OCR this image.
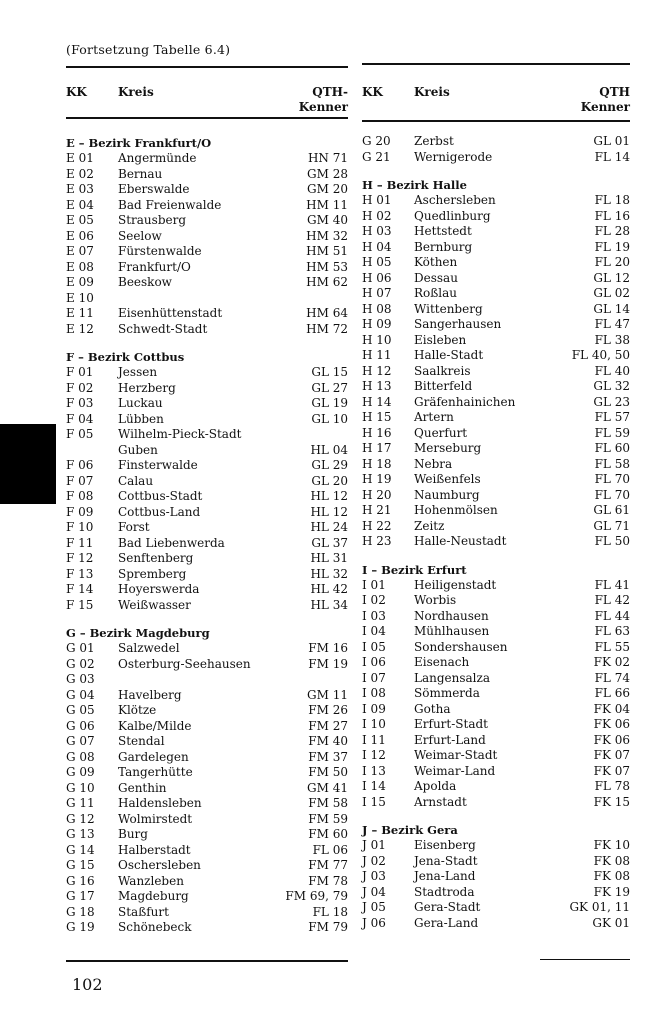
(Fortsetzung Tabelle 6.4)
KK	Kreis	QTH-
Kenner
E – Bezirk Frankfurt/O
E 01 Angermünde	HN 71
E 02 Bernau	GM 28
E 03 Eberswalde	GM 20
E 04 Bad Freienwalde	HM 11
E 05 Strausberg	GM 40
E 06 Seelow	HM 32
E 07 Fürstenwalde	HM 51
E 08 Frankfurt/O	HM 53
E 09 Beeskow	HM 62
E 10
E 11 Eisenhüttenstadt	HM 64
E 12 Schwedt-Stadt	HM 72
F – Bezirk Cottbus
F 01 Jessen	GL 15
F 02 Herzberg	GL 27
F 03 Luckau	GL 19
F 04 Lübben	GL 10
F 05 Wilhelm-Pieck-Stadt
Guben	HL 04
F 06 Finsterwalde	GL 29
F 07 Calau	GL 20
F 08 Cottbus-Stadt	HL 12
F 09 Cottbus-Land	HL 12
F 10 Forst	HL 24
F 11 Bad Liebenwerda	GL 37
F 12 Senftenberg	HL 31
F 13 Spremberg	HL 32
F 14 Hoyerswerda	HL 42
F 15 Weißwasser	HL 34
G – Bezirk Magdeburg
G 01 Salzwedel	FM 16
G 02 Osterburg-Seehausen	FM 19
G 03
G 04 Havelberg	GM 11
G 05 Klötze	FM 26
G 06 Kalbe/Milde	FM 27
G 07 Stendal	FM 40
G 08 Gardelegen	FM 37
G 09 Tangerhütte	FM 50
G 10 Genthin	GM 41
G 11 Haldensleben	FM 58
G 12 Wolmirstedt	FM 59
G 13 Burg	FM 60
G 14 Halberstadt	FL 06
G 15 Oschersleben	FM 77
G 16 Wanzleben	FM 78
G 17 Magdeburg	FM 69, 79
G 18 Staßfurt	FL 18
G 19 Schönebeck	FM 79
KK	Kreis	QTH
Kenner
G 20 Zerbst	GL 01
G 21 Wernigerode	FL 14
H – Bezirk Halle
H 01 Aschersleben	FL 18
H 02 Quedlinburg	FL 16
H 03 Hettstedt	FL 28
H 04 Bernburg	FL 19
H 05 Köthen	FL 20
H 06 Dessau	GL 12
H 07 Roßlau	GL 02
H 08 Wittenberg	GL 14
H 09 Sangerhausen	FL 47
H 10 Eisleben	FL 38
H 11 Halle-Stadt	FL 40, 50
H 12 Saalkreis	FL 40
H 13 Bitterfeld	GL 32
H 14 Gräfenhainichen	GL 23
H 15 Artern	FL 57
H 16 Querfurt	FL 59
H 17 Merseburg	FL 60
H 18 Nebra	FL 58
H 19 Weißenfels	FL 70
H 20 Naumburg	FL 70
H 21 Hohenmölsen	GL 61
H 22 Zeitz	GL 71
H 23 Halle-Neustadt	FL 50
I – Bezirk Erfurt
I 01 Heiligenstadt	FL 41
I 02 Worbis	FL 42
I 03 Nordhausen	FL 44
I 04 Mühlhausen	FL 63
I 05 Sondershausen	FL 55
I 06 Eisenach	FK 02
I 07 Langensalza	FL 74
I 08 Sömmerda	FL 66
I 09 Gotha	FK 04
I 10 Erfurt-Stadt	FK 06
I 11 Erfurt-Land	FK 06
I 12 Weimar-Stadt	FK 07
I 13 Weimar-Land	FK 07
I 14 Apolda	FL 78
I 15 Arnstadt	FK 15
J – Bezirk Gera
J 01 Eisenberg	FK 10
J 02 Jena-Stadt	FK 08
J 03 Jena-Land	FK 08
J 04 Stadtroda	FK 19
J 05 Gera-Stadt	GK 01, 11
J 06 Gera-Land	GK 01
102
